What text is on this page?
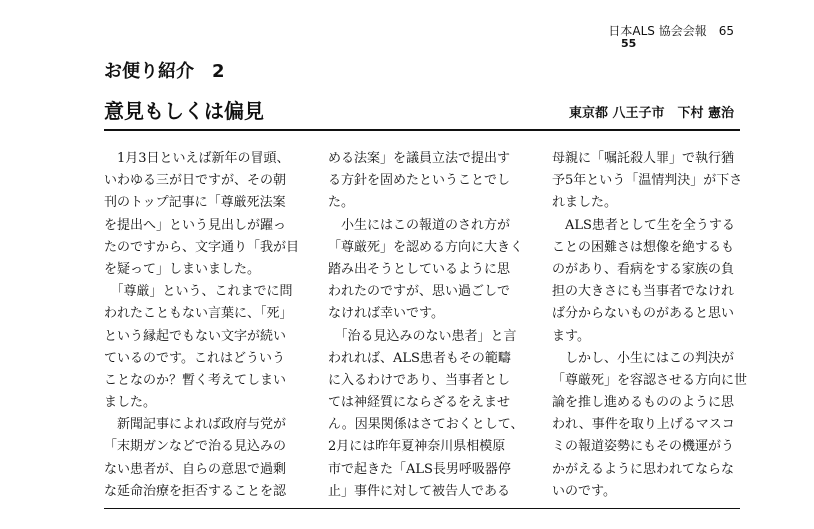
日本ALS 協会会報　65
55
お便り紹介　2
意見もしくは偏見	東京都 八王子市　下村 憲治
　1月3日といえば新年の冒頭、
いわゆる三が日ですが、その朝
刊のトップ記事に「尊厳死法案
を提出へ」という見出しが躍っ
たのですから、文字通り「我が目
を疑って」しまいました。
　「尊厳」という、これまでに問
われたこともない言葉に、「死」
という縁起でもない文字が続い
ているのです。これはどういう
ことなのか？暫く考えてしまい
ました。
　新聞記事によれば政府与党が
「末期ガンなどで治る見込みの
ない患者が、自らの意思で過剰
な延命治療を拒否することを認
める法案」を議員立法で提出す
る方針を固めたということでし
た。
　小生にはこの報道のされ方が
「尊厳死」を認める方向に大きく
踏み出そうとしているように思
われたのですが、思い過ごしで
なければ幸いです。
　「治る見込みのない患者」と言
われれば、ALS患者もその範疇
に入るわけであり、当事者とし
ては神経質にならざるをえませ
ん。因果関係はさておくとして、
2月には昨年夏神奈川県相模原
市で起きた「ALS長男呼吸器停
止」事件に対して被告人である
母親に「嘱託殺人罪」で執行猶
予5年という「温情判決」が下さ
れました。
　ALS患者として生を全うする
ことの困難さは想像を絶するも
のがあり、看病をする家族の負
担の大きさにも当事者でなけれ
ば分からないものがあると思い
ます。
　しかし、小生にはこの判決が
「尊厳死」を容認させる方向に世
論を推し進めるもののように思
われ、事件を取り上げるマスコ
ミの報道姿勢にもその機運がう
かがえるように思われてならな
いのです。
